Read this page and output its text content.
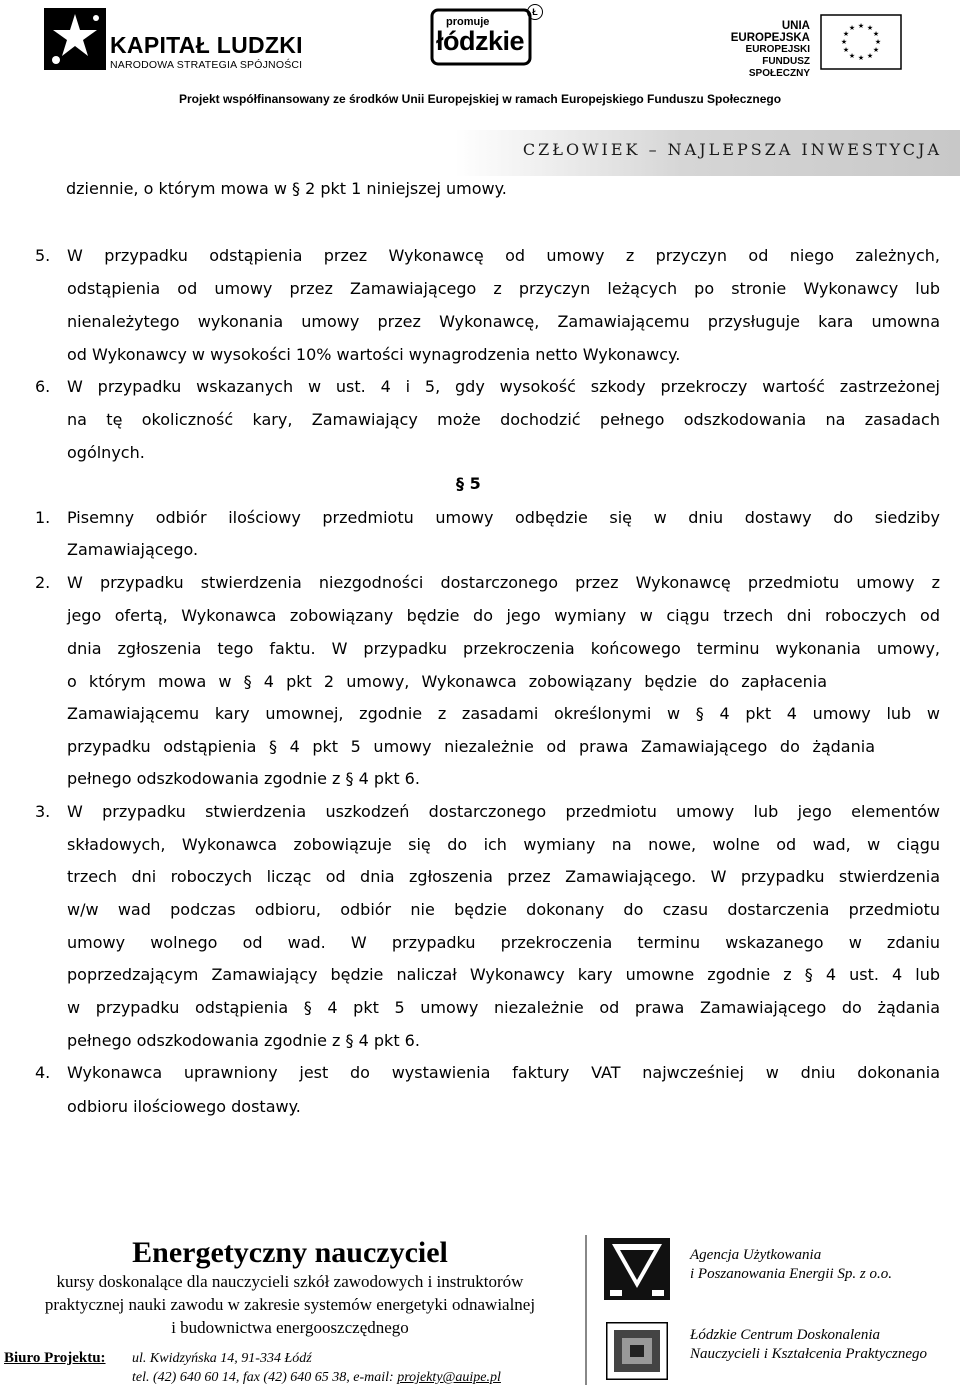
KAPITAŁ LUDZKI
NARODOWA STRATEGIA SPÓJNOŚCI
promuje
łódzkie
Ł
UNIA EUROPEJSKA
EUROPEJSKI
FUNDUSZ SPOŁECZNY
★ ★
★
★
★
★
★
★
★
★
★
★
Projekt współfinansowany ze środków Unii Europejskiej w ramach Europejskiego Funduszu Społecznego
CZŁOWIEK – NAJLEPSZA INWESTYCJA
dziennie, o którym mowa w § 2 pkt 1 niniejszej umowy.
5. W przypadku odstąpienia przez Wykonawcę od umowy z przyczyn od niego zależnych,
odstąpienia od umowy przez Zamawiającego z przyczyn leżących po stronie Wykonawcy lub
nienależytego wykonania umowy przez Wykonawcę, Zamawiającemu przysługuje kara umowna
od Wykonawcy w wysokości 10% wartości wynagrodzenia netto Wykonawcy.
6. W przypadku wskazanych w ust. 4 i 5, gdy wysokość szkody przekroczy wartość zastrzeżonej
na tę okoliczność kary, Zamawiający może dochodzić pełnego odszkodowania na zasadach
ogólnych.
§ 5
1. Pisemny odbiór ilościowy przedmiotu umowy odbędzie się w dniu dostawy do siedziby
Zamawiającego.
2. W przypadku stwierdzenia niezgodności dostarczonego przez Wykonawcę przedmiotu umowy z
jego ofertą, Wykonawca zobowiązany będzie do jego wymiany w ciągu trzech dni roboczych od
dnia zgłoszenia tego faktu. W przypadku przekroczenia końcowego terminu wykonania umowy,
o którym mowa w § 4 pkt 2 umowy, Wykonawca zobowiązany będzie do zapłacenia
Zamawiającemu kary umownej, zgodnie z zasadami określonymi w § 4 pkt 4 umowy lub w
przypadku odstąpienia § 4 pkt 5 umowy niezależnie od prawa Zamawiającego do żądania
pełnego odszkodowania zgodnie z § 4 pkt 6.
3. W przypadku stwierdzenia uszkodzeń dostarczonego przedmiotu umowy lub jego elementów
składowych, Wykonawca zobowiązuje się do ich wymiany na nowe, wolne od wad, w ciągu
trzech dni roboczych licząc od dnia zgłoszenia przez Zamawiającego. W przypadku stwierdzenia
w/w wad podczas odbioru, odbiór nie będzie dokonany do czasu dostarczenia przedmiotu
umowy wolnego od wad. W przypadku przekroczenia terminu wskazanego w zdaniu
poprzedzającym Zamawiający będzie naliczał Wykonawcy kary umowne zgodnie z § 4 ust. 4 lub
w przypadku odstąpienia § 4 pkt 5 umowy niezależnie od prawa Zamawiającego do żądania
pełnego odszkodowania zgodnie z § 4 pkt 6.
4. Wykonawca uprawniony jest do wystawienia faktury VAT najwcześniej w dniu dokonania
odbioru ilościowego dostawy.
Energetyczny nauczyciel
kursy doskonalące dla nauczycieli szkół zawodowych i instruktorów
praktycznej nauki zawodu w zakresie systemów energetyki odnawialnej
i budownictwa energooszczędnego
Biuro Projektu: ul. Kwidzyńska 14, 91-334 Łódź
tel. (42) 640 60 14, fax (42) 640 65 38, e-mail: projekty@auipe.pl
Agencja Użytkowania
i Poszanowania Energii Sp. z o.o.
Łódzkie Centrum Doskonalenia
Nauczycieli i Kształcenia Praktycznego
